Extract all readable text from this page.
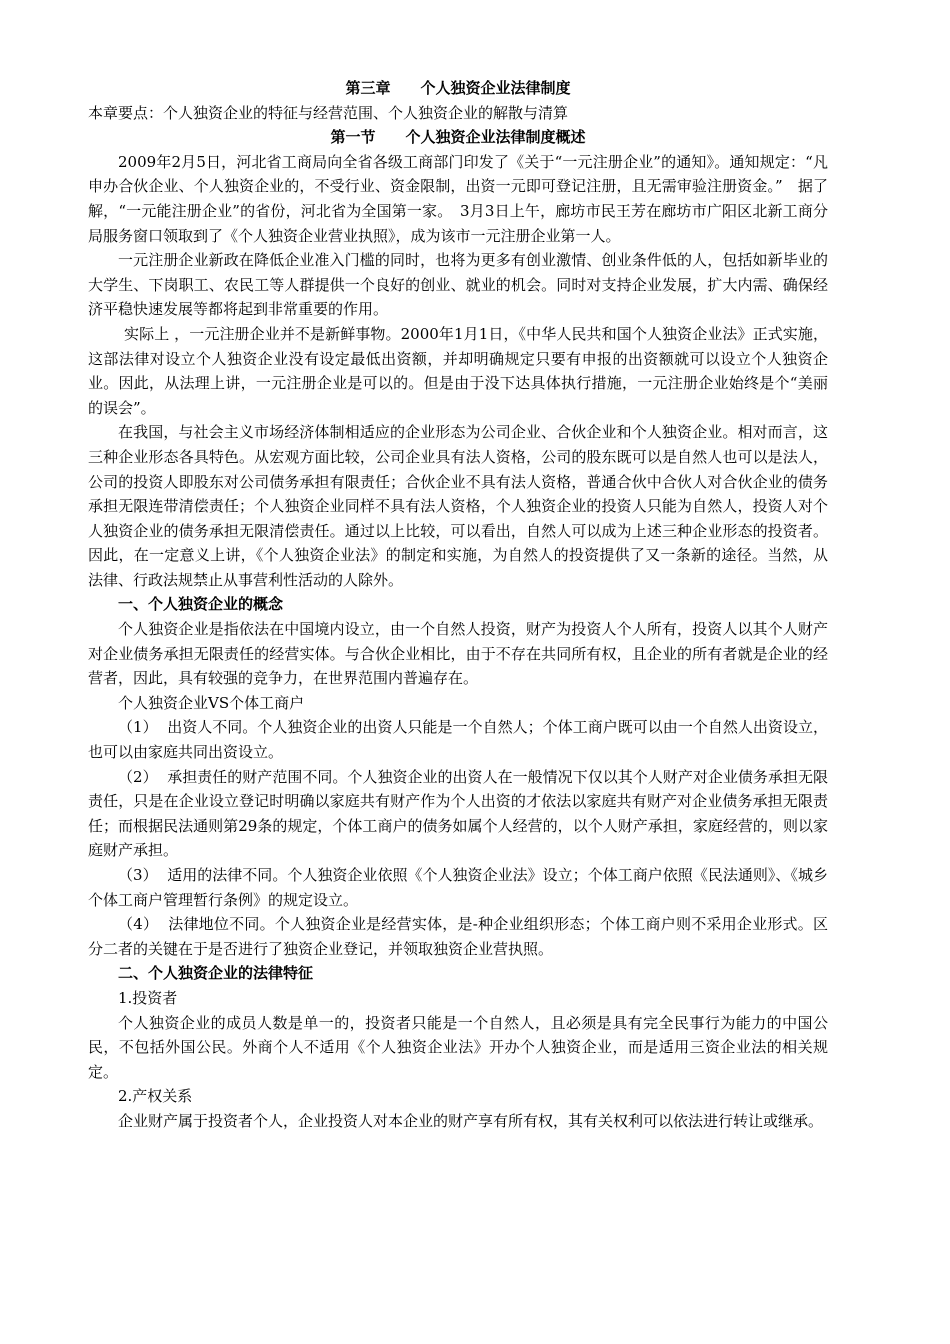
第三章　　个人独资企业法律制度

本章要点：个人独资企业的特征与经营范围、个人独资企业的解散与清算

第一节　　个人独资企业法律制度概述

2009年2月5日，河北省工商局向全省各级工商部门印发了《关于“一元注册企业”的通知》。通知规定：“凡申办合伙企业、个人独资企业的，不受行业、资金限制，出资一元即可登记注册，且无需审验注册资金。”　据了解，“一元能注册企业”的省份，河北省为全国第一家。　3月3日上午，廊坊市民王芳在廊坊市广阳区北新工商分局服务窗口领取到了《个人独资企业营业执照》，成为该市一元注册企业第一人。

一元注册企业新政在降低企业准入门槛的同时，也将为更多有创业激情、创业条件低的人，包括如新毕业的大学生、下岗职工、农民工等人群提供一个良好的创业、就业的机会。同时对支持企业发展，扩大内需、确保经济平稳快速发展等都将起到非常重要的作用。

实际上 ，一元注册企业并不是新鲜事物。2000年1月1日，《中华人民共和国个人独资企业法》正式实施，这部法律对设立个人独资企业没有设定最低出资额，并却明确规定只要有申报的出资额就可以设立个人独资企业。因此，从法理上讲，一元注册企业是可以的。但是由于没下达具体执行措施，一元注册企业始终是个“美丽的误会”。

在我国，与社会主义市场经济体制相适应的企业形态为公司企业、合伙企业和个人独资企业。相对而言，这三种企业形态各具特色。从宏观方面比较，公司企业具有法人资格，公司的股东既可以是自然人也可以是法人，公司的投资人即股东对公司债务承担有限责任；合伙企业不具有法人资格，普通合伙中合伙人对合伙企业的债务承担无限连带清偿责任；个人独资企业同样不具有法人资格，个人独资企业的投资人只能为自然人，投资人对个人独资企业的债务承担无限清偿责任。通过以上比较，可以看出，自然人可以成为上述三种企业形态的投资者。因此，在一定意义上讲，《个人独资企业法》的制定和实施，为自然人的投资提供了又一条新的途径。当然，从法律、行政法规禁止从事营利性活动的人除外。

一、个人独资企业的概念

个人独资企业是指依法在中国境内设立，由一个自然人投资，财产为投资人个人所有，投资人以其个人财产对企业债务承担无限责任的经营实体。与合伙企业相比，由于不存在共同所有权，且企业的所有者就是企业的经营者，因此，具有较强的竞争力，在世界范围内普遍存在。

个人独资企业VS个体工商户

（1） 出资人不同。个人独资企业的出资人只能是一个自然人；个体工商户既可以由一个自然人出资设立，也可以由家庭共同出资设立。

（2） 承担责任的财产范围不同。个人独资企业的出资人在一般情况下仅以其个人财产对企业债务承担无限责任，只是在企业设立登记时明确以家庭共有财产作为个人出资的才依法以家庭共有财产对企业债务承担无限责任；而根据民法通则第29条的规定，个体工商户的债务如属个人经营的，以个人财产承担，家庭经营的，则以家庭财产承担。

（3） 适用的法律不同。个人独资企业依照《个人独资企业法》设立；个体工商户依照《民法通则》、《城乡个体工商户管理暂行条例》的规定设立。

（4） 法律地位不同。个人独资企业是经营实体，是-种企业组织形态；个体工商户则不采用企业形式。区分二者的关键在于是否进行了独资企业登记，并领取独资企业营执照。

二、个人独资企业的法律特征

1.投资者

个人独资企业的成员人数是单一的，投资者只能是一个自然人，且必须是具有完全民事行为能力的中国公民，不包括外国公民。外商个人不适用《个人独资企业法》开办个人独资企业，而是适用三资企业法的相关规定。

2.产权关系

企业财产属于投资者个人，企业投资人对本企业的财产享有所有权，其有关权利可以依法进行转让或继承。
